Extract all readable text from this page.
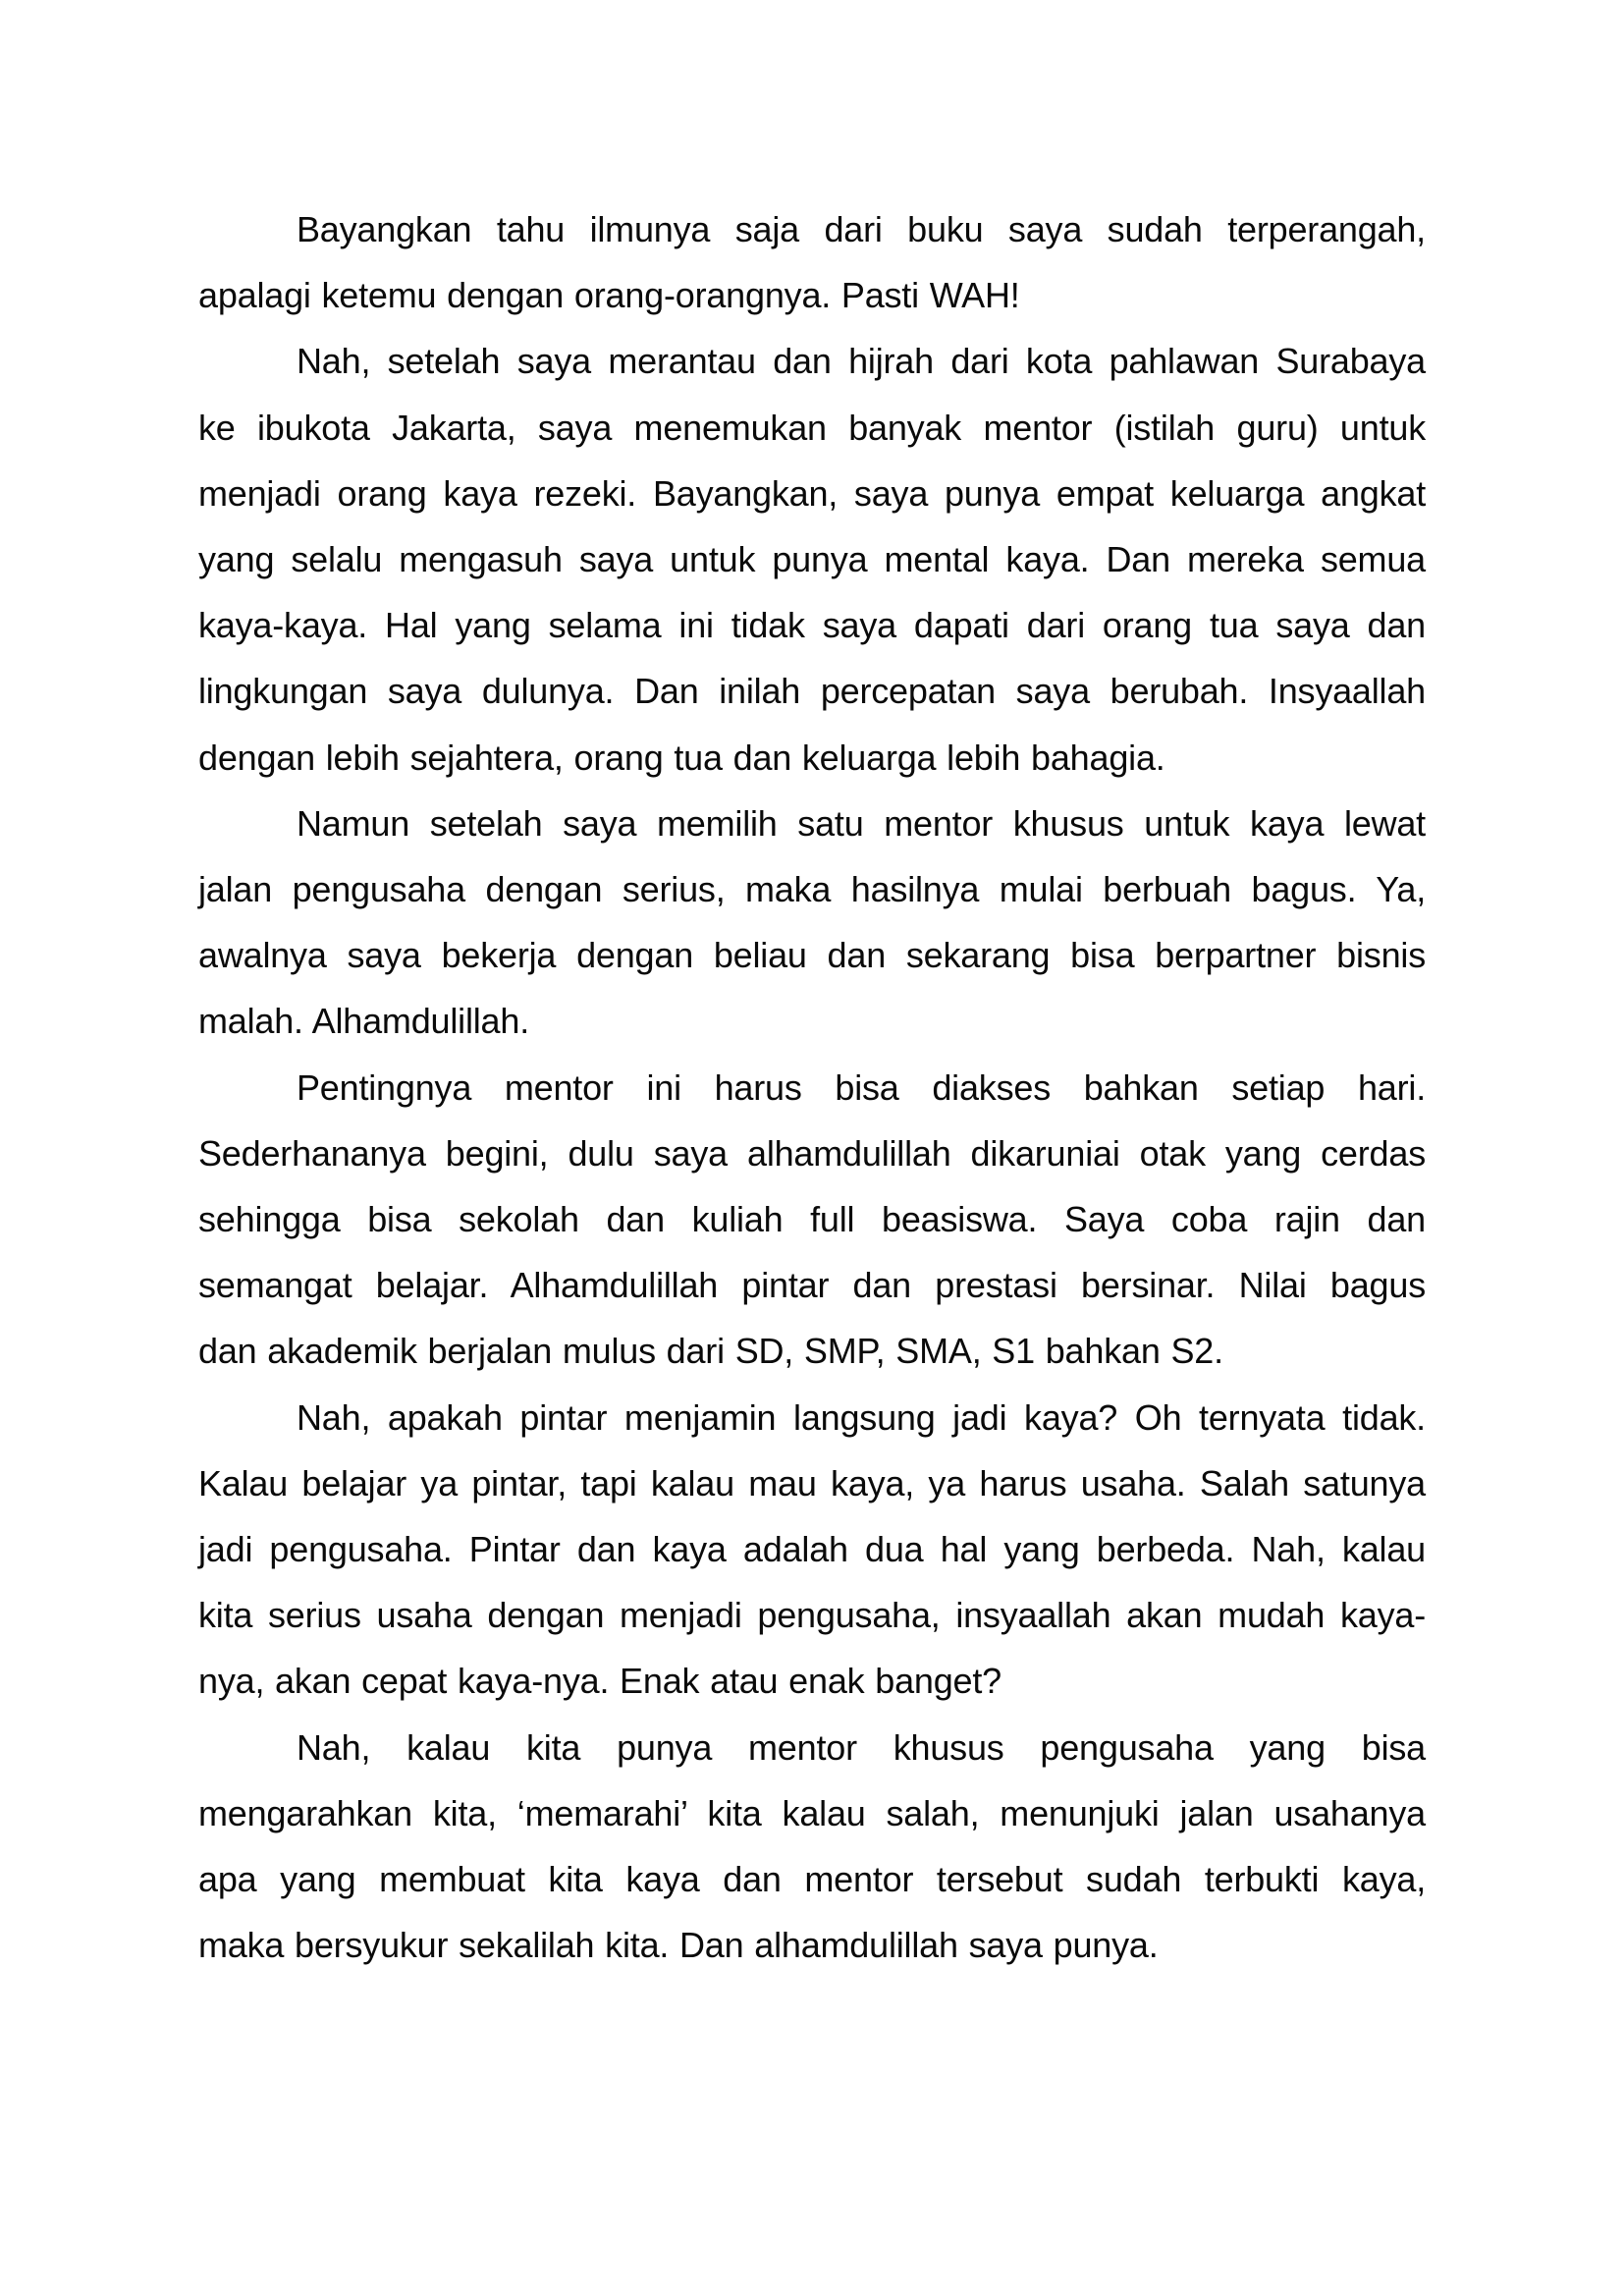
Bayangkan tahu ilmunya saja dari buku saya sudah terperangah,
apalagi ketemu dengan orang-orangnya. Pasti WAH!

Nah, setelah saya merantau dan hijrah dari kota pahlawan Surabaya
ke ibukota Jakarta, saya menemukan banyak mentor (istilah guru) untuk
menjadi orang kaya rezeki. Bayangkan, saya punya empat keluarga angkat
yang selalu mengasuh saya untuk punya mental kaya. Dan mereka semua
kaya-kaya. Hal yang selama ini tidak saya dapati dari orang tua saya dan
lingkungan saya dulunya. Dan inilah percepatan saya berubah. Insyaallah
dengan lebih sejahtera, orang tua dan keluarga lebih bahagia.

Namun setelah saya memilih satu mentor khusus untuk kaya lewat
jalan pengusaha dengan serius, maka hasilnya mulai berbuah bagus. Ya,
awalnya saya bekerja dengan beliau dan sekarang bisa berpartner bisnis
malah. Alhamdulillah.

Pentingnya mentor ini harus bisa diakses bahkan setiap hari.
Sederhananya begini, dulu saya alhamdulillah dikaruniai otak yang cerdas
sehingga bisa sekolah dan kuliah full beasiswa. Saya coba rajin dan
semangat belajar. Alhamdulillah pintar dan prestasi bersinar. Nilai bagus
dan akademik berjalan mulus dari SD, SMP, SMA, S1 bahkan S2.

Nah, apakah pintar menjamin langsung jadi kaya? Oh ternyata tidak.
Kalau belajar ya pintar, tapi kalau mau kaya, ya harus usaha. Salah satunya
jadi pengusaha. Pintar dan kaya adalah dua hal yang berbeda. Nah, kalau
kita serius usaha dengan menjadi pengusaha, insyaallah akan mudah kaya-
nya, akan cepat kaya-nya. Enak atau enak banget?

Nah, kalau kita punya mentor khusus pengusaha yang bisa
mengarahkan kita, ‘memarahi’ kita kalau salah, menunjuki jalan usahanya
apa yang membuat kita kaya dan mentor tersebut sudah terbukti kaya,
maka bersyukur sekalilah kita. Dan alhamdulillah saya punya.
